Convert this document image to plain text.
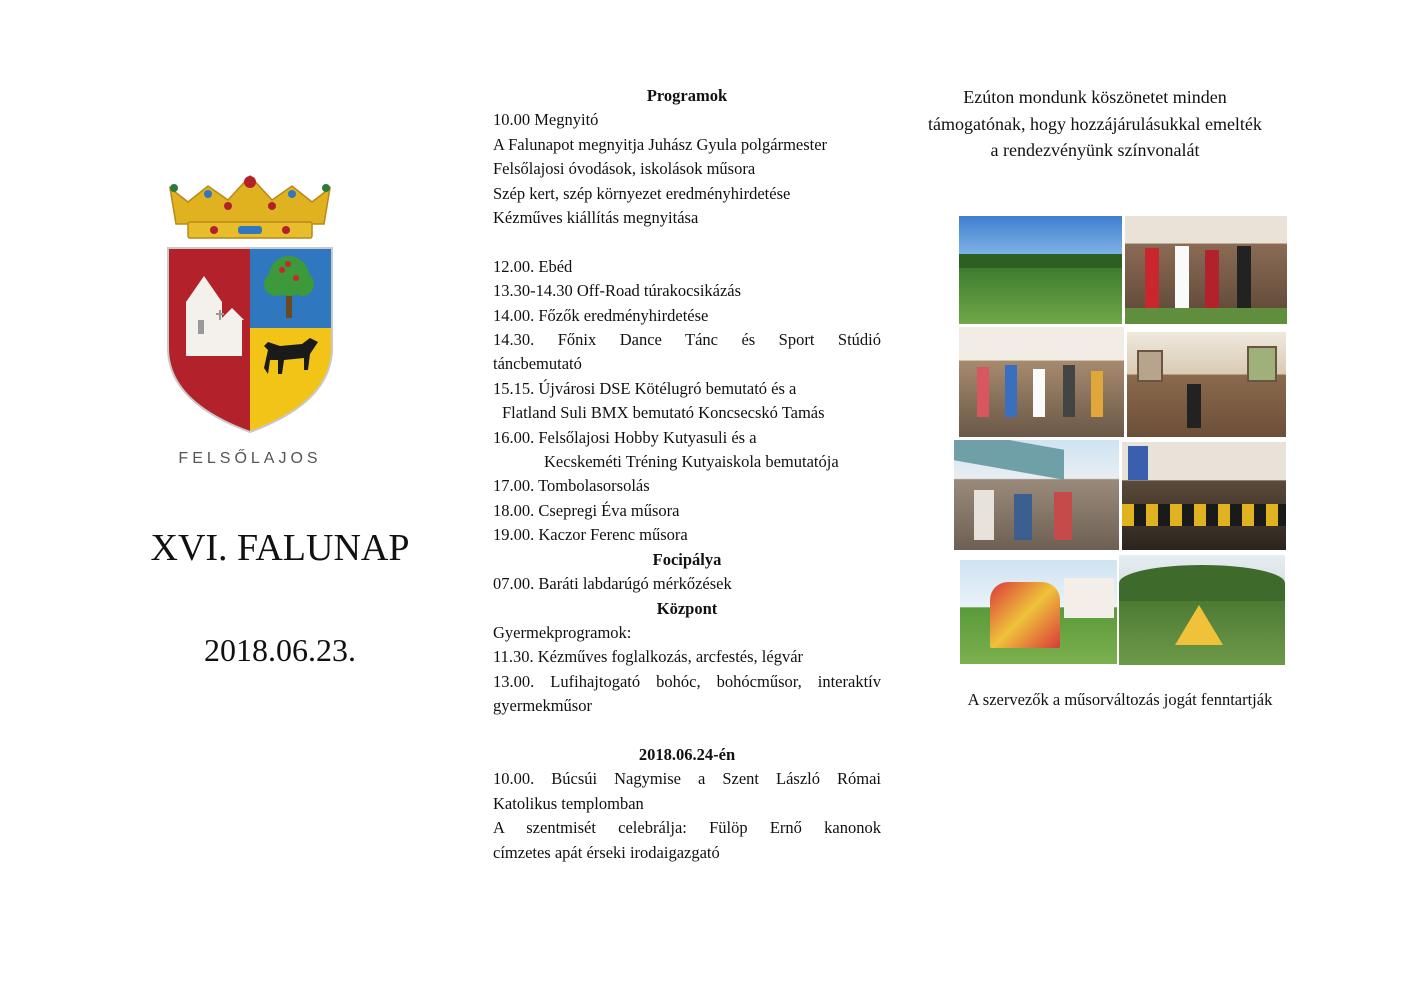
FELSŐLAJOS
XVI. FALUNAP
2018.06.23.
Programok
10.00 Megnyitó
A Falunapot megnyitja Juhász Gyula polgármester
Felsőlajosi óvodások, iskolások műsora
Szép kert, szép környezet eredményhirdetése
Kézműves kiállítás megnyitása
12.00. Ebéd
13.30-14.30 Off-Road túrakocsikázás
14.00. Főzők eredményhirdetése
14.30. Főnix Dance Tánc és Sport Stúdió
táncbemutató
15.15. Újvárosi DSE Kötélugró bemutató és a
Flatland Suli BMX bemutató Koncsecskó Tamás
16.00. Felsőlajosi Hobby Kutyasuli és a
Kecskeméti Tréning Kutyaiskola bemutatója
17.00. Tombolasorsolás
18.00. Csepregi Éva műsora
19.00. Kaczor Ferenc műsora
Focipálya
07.00. Baráti labdarúgó mérkőzések
Központ
Gyermekprogramok:
11.30. Kézműves foglalkozás, arcfestés, légvár
13.00. Lufihajtogató bohóc, bohócműsor, interaktív
gyermekműsor
2018.06.24-én
10.00. Búcsúi Nagymise a Szent László Római
Katolikus templomban
A szentmisét celebrálja: Fülöp Ernő kanonok
címzetes apát érseki irodaigazgató
Ezúton mondunk köszönetet minden
támogatónak, hogy hozzájárulásukkal emelték
a rendezvényünk színvonalát
A szervezők a műsorváltozás jogát fenntartják
